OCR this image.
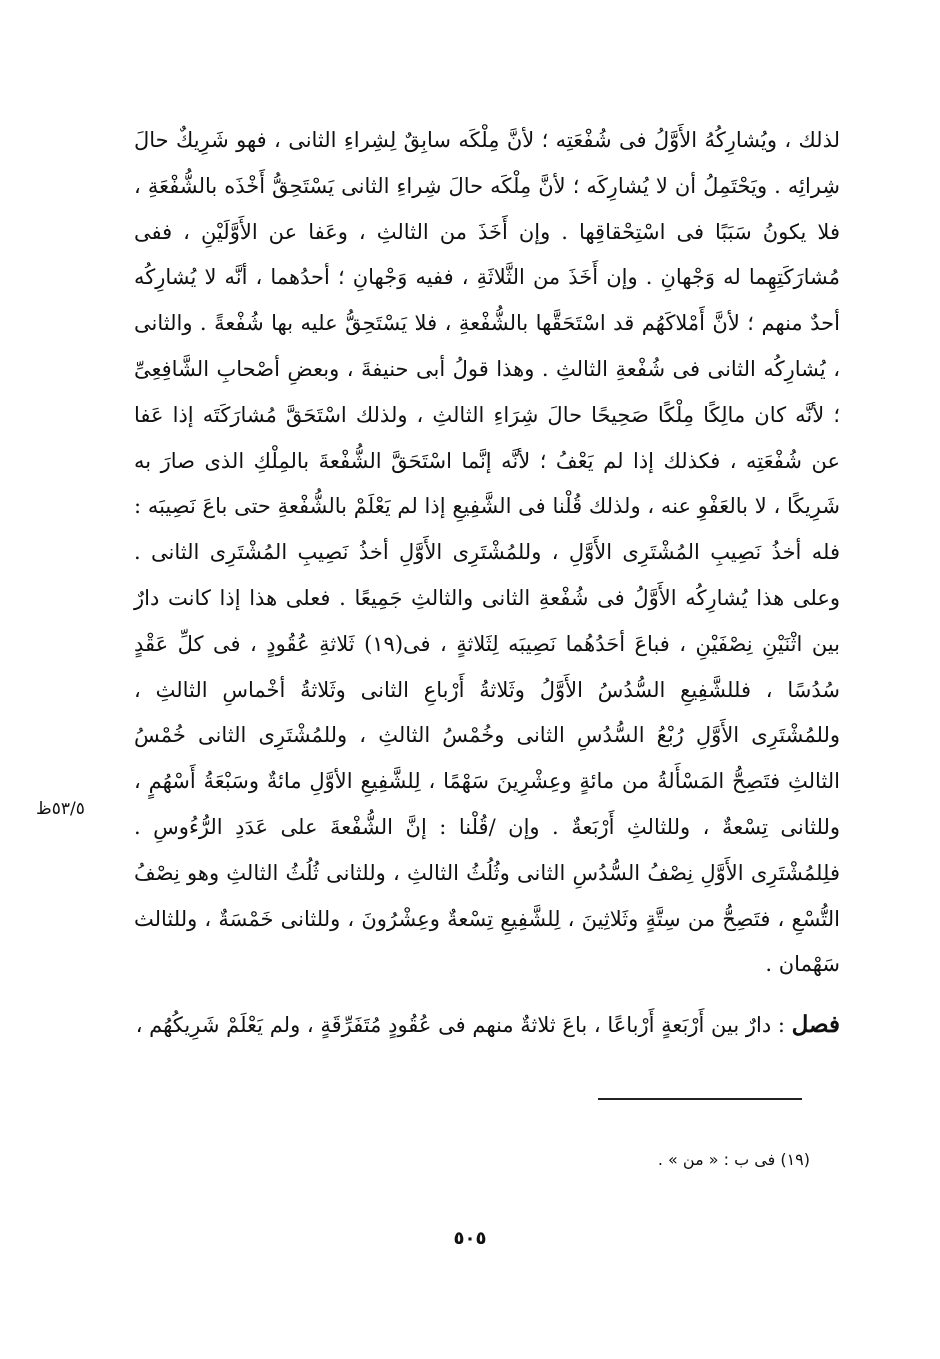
لذلك ، ويُشارِكُهُ الأَوَّلُ فى شُفْعَتِه ؛ لأنَّ مِلْكَه سابِقٌ لِشِراءِ الثانى ، فهو شَرِيكٌ حالَ شِرائِه . ويَحْتَمِلُ أن لا يُشارِكَه ؛ لأنَّ مِلْكَه حالَ شِراءِ الثانى يَسْتَحِقُّ أَخْذَه بالشُّفْعَةِ ، فلا يكونُ سَبَبًا فى اسْتِحْقاقِها . وإن أَخَذَ من الثالثِ ، وعَفا عن الأَوَّلَيْنِ ، ففى مُشارَكَتِهِما له وَجْهانِ . وإن أَخَذَ من الثَّلاثَةِ ، ففيه وَجْهانِ ؛ أحدُهما ، أنَّه لا يُشارِكُه أحدٌ منهم ؛ لأنَّ أَمْلاكَهُم قد اسْتَحَقَّها بالشُّفْعةِ ، فلا يَسْتَحِقُّ عليه بها شُفْعةً . والثانى ، يُشارِكُه الثانى فى شُفْعةِ الثالثِ . وهذا قولُ أبى حنيفةَ ، وبعضِ أصْحابِ الشَّافِعِىِّ ؛ لأنَّه كان مالِكًا مِلْكًا صَحِيحًا حالَ شِرَاءِ الثالثِ ، ولذلك اسْتَحَقَّ مُشارَكَتَه إذا عَفا عن شُفْعَتِه ، فكذلك إذا لم يَعْفُ ؛ لأنَّه إنَّما اسْتَحَقَّ الشُّفْعةَ بالمِلْكِ الذى صارَ به شَرِيكًا ، لا بالعَفْوِ عنه ، ولذلك قُلْنا فى الشَّفِيعِ إذا لم يَعْلَمْ بالشُّفْعةِ حتى باعَ نَصِيبَه : فله أخذُ نَصِيبِ المُشْتَرِى الأَوَّلِ ، وللمُشْتَرِى الأَوَّلِ أخذُ نَصِيبِ المُشْتَرِى الثانى . وعلى هذا يُشارِكُه الأَوَّلُ فى شُفْعةِ الثانى والثالثِ جَمِيعًا . فعلى هذا إذا كانت دارٌ بين اثْنَيْنِ نِصْفَيْنِ ، فباعَ أحَدُهُما نَصِيبَه لِثَلاثةٍ ، فى(١٩) ثَلاثةِ عُقُودٍ ، فى كلِّ عَقْدٍ سُدُسًا ، فللشَّفِيعِ السُّدُسُ الأَوَّلُ وثَلاثةُ أَرْباعِ الثانى وثَلاثةُ أخْماسِ الثالثِ ، وللمُشْتَرِى الأَوَّلِ رُبْعُ السُّدُسِ الثانى وخُمْسُ الثالثِ ، وللمُشْتَرِى الثانى خُمْسُ الثالثِ فتَصِحُّ المَسْأَلةُ من مائةٍ وعِشْرِينَ سَهْمًا ، لِلشَّفِيعِ الأوَّلِ مائةٌ وسَبْعَةُ أَسْهُمٍ ، وللثانى تِسْعةٌ ، وللثالثِ أَرْبَعةٌ . وإن /قُلْنا : إنَّ الشُّفْعةَ على عَدَدِ الرُّءُوسِ . فلِلمُشْتَرِى الأَوَّلِ نِصْفُ السُّدُسِ الثانى وثُلُثُ الثالثِ ، وللثانى ثُلُثُ الثالثِ وهو نِصْفُ التُّسْعِ ، فتَصِحُّ من سِتَّةٍ وثَلاثِينَ ، لِلشَّفِيعِ تِسْعةٌ وعِشْرُونَ ، وللثانى خَمْسَةٌ ، وللثالث سَهْمان .

٥٣/٥ظ
فصل : دارٌ بين أَرْبَعةٍ أَرْباعًا ، باعَ ثلاثةٌ منهم فى عُقُودٍ مُتَفَرِّقَةٍ ، ولم يَعْلَمْ شَرِيكُهُم ،
(١٩) فى ب : « من » .
٥٠٥
